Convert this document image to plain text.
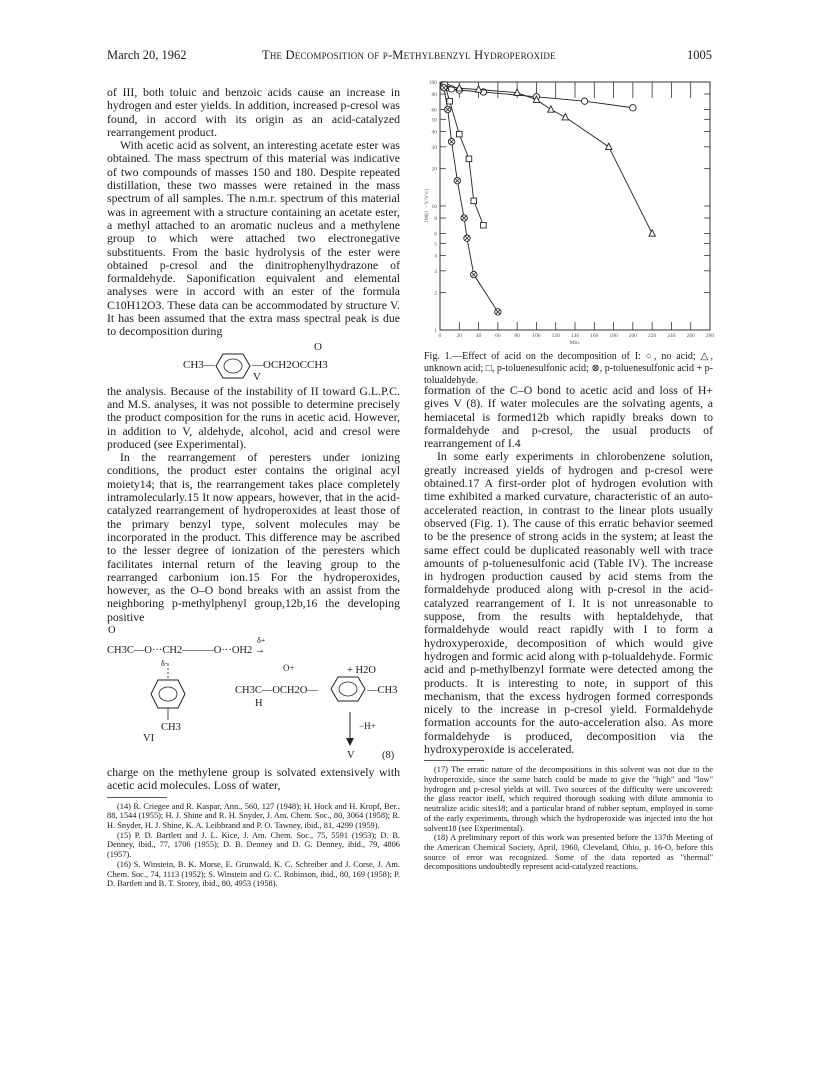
March 20, 1962	The Decomposition of p-Methylbenzyl Hydroperoxide	1005

of III, both toluic and benzoic acids cause an increase in hydrogen and ester yields. In addition, increased p-cresol was found, in accord with its origin as an acid-catalyzed rearrangement product.

With acetic acid as solvent, an interesting acetate ester was obtained. The mass spectrum of this material was indicative of two compounds of masses 150 and 180. Despite repeated distillation, these two masses were retained in the mass spectrum of all samples. The n.m.r. spectrum of this material was in agreement with a structure containing an acetate ester, a methyl attached to an aromatic nucleus and a methylene group to which were attached two electronegative substituents. From the basic hydrolysis of the ester were obtained p-cresol and the dinitrophenylhydrazone of formaldehyde. Saponification equivalent and elemental analyses were in accord with an ester of the formula C10H12O3. These data can be accommodated by structure V. It has been assumed that the extra mass spectral peak is due to decomposition during

O
CH3—	—OCH2OCCH3
V

the analysis. Because of the instability of II toward G.L.P.C. and M.S. analyses, it was not possible to determine precisely the product composition for the runs in acetic acid. However, in addition to V, aldehyde, alcohol, acid and cresol were produced (see Experimental).

In the rearrangement of peresters under ionizing conditions, the product ester contains the original acyl moiety14; that is, the rearrangement takes place completely intramolecularly.15 It now appears, however, that in the acid-catalyzed rearrangement of hydroperoxides at least those of the primary benzyl type, solvent molecules may be incorporated in the product. This difference may be ascribed to the lesser degree of ionization of the peresters which facilitates internal return of the leaving group to the rearranged carbonium ion.15 For the hydroperoxides, however, as the O–O bond breaks with an assist from the neighboring p-methylphenyl group,12b,16 the developing positive

O
δ+
CH3C—O···CH2———O···OH2 →
δ−	O+	+ H2O
CH3C—OCH2O—	—CH3
H
CH3
VI
−H+
V	(8)

charge on the methylene group is solvated extensively with acetic acid molecules. Loss of water,

(14) R. Criegee and R. Kaspar, Ann., 560, 127 (1948); H. Hock and H. Kropf, Ber., 88, 1544 (1955); H. J. Shine and R. H. Snyder, J. Am. Chem. Soc., 80, 3064 (1958); R. H. Snyder, H. J. Shine, K. A. Leibbrand and P. O. Tawney, ibid., 81, 4299 (1959).

(15) P. D. Bartlett and J. L. Kice, J. Am. Chem. Soc., 75, 5591 (1953); D. B. Denney, ibid., 77, 1706 (1955); D. B. Denney and D. G. Denney, ibid., 79, 4806 (1957).

(16) S. Winstein, B. K. Morse, E. Grunwald, K. C. Schreiber and J. Corse, J. Am. Chem. Soc., 74, 1113 (1952); S. Winstein and G. C. Robinson, ibid., 80, 169 (1958); P. D. Bartlett and B. T. Storey, ibid., 80, 4953 (1958).

100
80
60
50
40
30
20
10
8
6
5
4
3
2
1
0	20	40	60	80 100 120 140 160 180 200 220 240 260 280
Min.
100[1 − V/V∞]
Fig. 1.—Effect of acid on the decomposition of I: ○, no acid; △, unknown acid; □, p-toluenesulfonic acid; ⊗, p-toluenesulfonic acid + p-tolualdehyde.

formation of the C–O bond to acetic acid and loss of H+ gives V (8). If water molecules are the solvating agents, a hemiacetal is formed12b which rapidly breaks down to formaldehyde and p-cresol, the usual products of rearrangement of I.4

In some early experiments in chlorobenzene solution, greatly increased yields of hydrogen and p-cresol were obtained.17 A first-order plot of hydrogen evolution with time exhibited a marked curvature, characteristic of an auto-accelerated reaction, in contrast to the linear plots usually observed (Fig. 1). The cause of this erratic behavior seemed to be the presence of strong acids in the system; at least the same effect could be duplicated reasonably well with trace amounts of p-toluenesulfonic acid (Table IV). The increase in hydrogen production caused by acid stems from the formaldehyde produced along with p-cresol in the acid-catalyzed rearrangement of I. It is not unreasonable to suppose, from the results with heptaldehyde, that formaldehyde would react rapidly with I to form a hydroxyperoxide, decomposition of which would give hydrogen and formic acid along with p-tolualdehyde. Formic acid and p-methylbenzyl formate were detected among the products. It is interesting to note, in support of this mechanism, that the excess hydrogen formed corresponds nicely to the increase in p-cresol yield. Formaldehyde formation accounts for the auto-acceleration also. As more formaldehyde is produced, decomposition via the hydroxyperoxide is accelerated.

(17) The erratic nature of the decompositions in this solvent was not due to the hydroperoxide, since the same batch could be made to give the "high" and "low" hydrogen and p-cresol yields at will. Two sources of the difficulty were uncovered: the glass reactor itself, which required thorough soaking with dilute ammonia to neutralize acidic sites18; and a particular brand of rubber septum, employed in some of the early experiments, through which the hydroperoxide was injected into the hot solvent18 (see Experimental).

(18) A preliminary report of this work was presented before the 137th Meeting of the American Chemical Society, April, 1960, Cleveland, Ohio, p. 16-O, before this source of error was recognized. Some of the data reported as "thermal" decompositions undoubtedly represent acid-catalyzed reactions.
